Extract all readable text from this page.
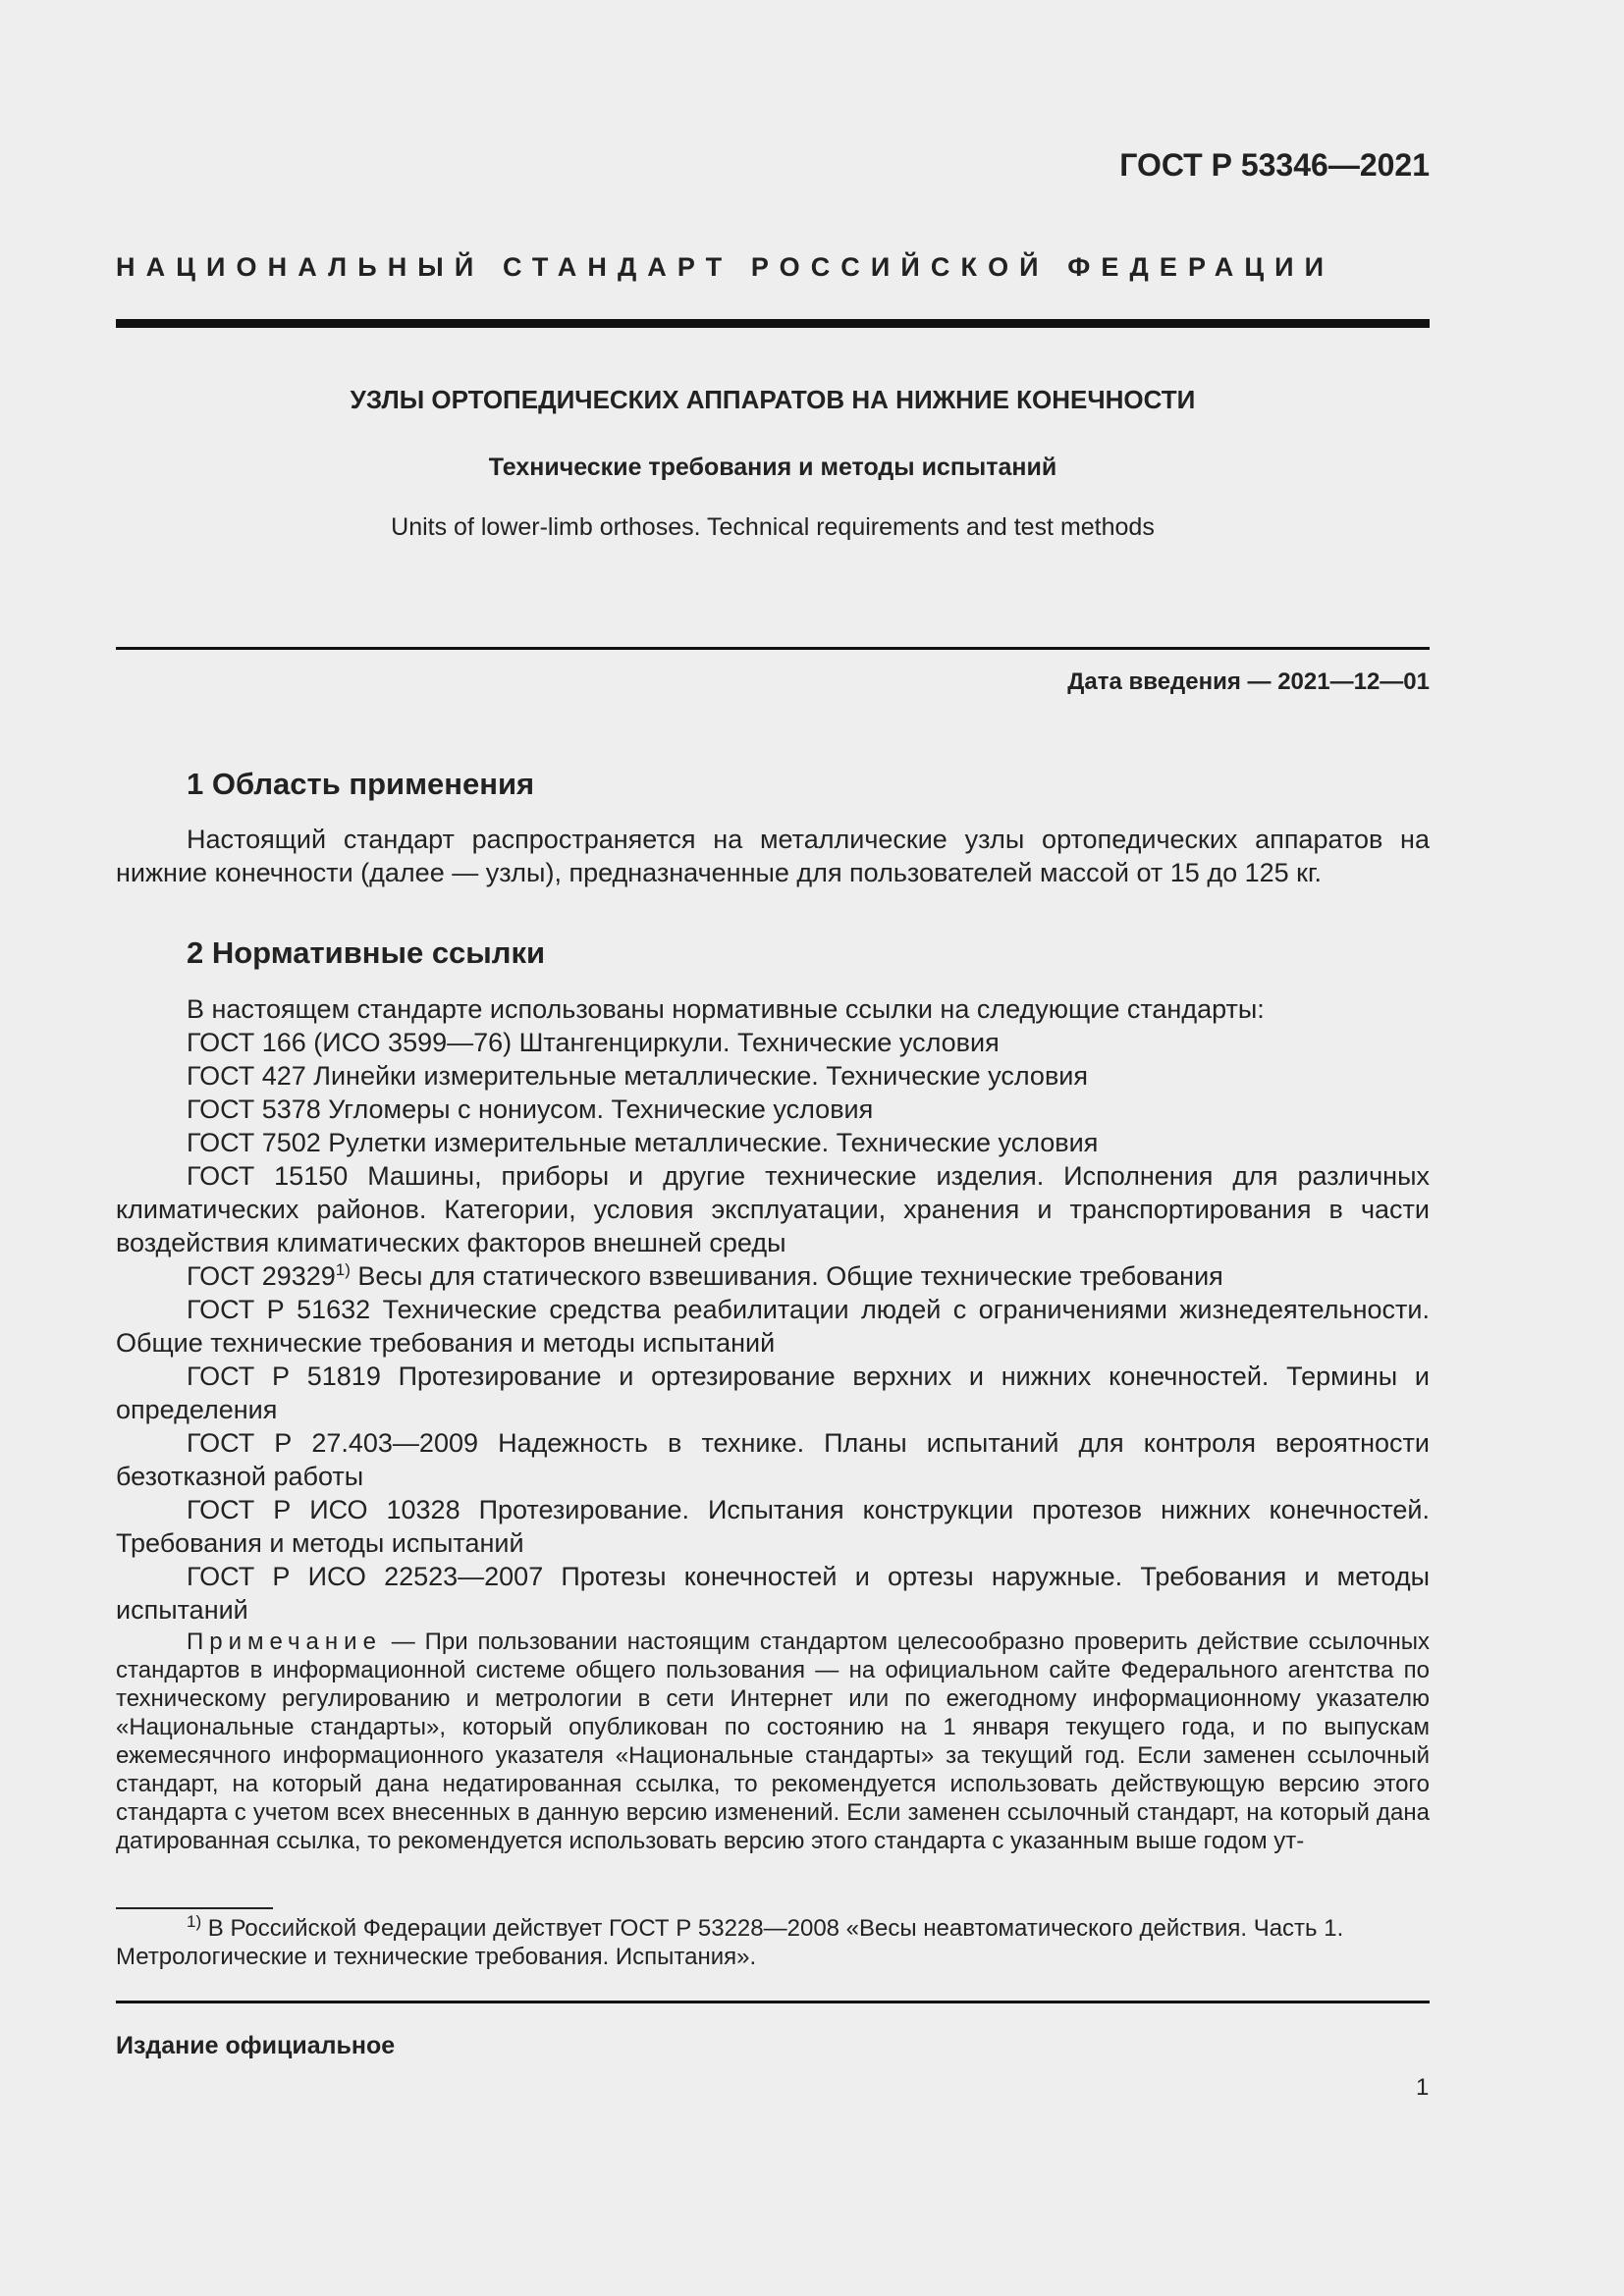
ГОСТ Р 53346—2021
НАЦИОНАЛЬНЫЙ СТАНДАРТ РОССИЙСКОЙ ФЕДЕРАЦИИ
УЗЛЫ ОРТОПЕДИЧЕСКИХ АППАРАТОВ НА НИЖНИЕ КОНЕЧНОСТИ
Технические требования и методы испытаний
Units of lower-limb orthoses. Technical requirements and test methods
Дата введения — 2021—12—01
1 Область применения

Настоящий стандарт распространяется на металлические узлы ортопедических аппаратов на нижние конечности (далее — узлы), предназначенные для пользователей массой от 15 до 125 кг.

2 Нормативные ссылки

В настоящем стандарте использованы нормативные ссылки на следующие стандарты:

ГОСТ 166 (ИСО 3599—76) Штангенциркули. Технические условия

ГОСТ 427 Линейки измерительные металлические. Технические условия

ГОСТ 5378 Угломеры с нониусом. Технические условия

ГОСТ 7502 Рулетки измерительные металлические. Технические условия

ГОСТ 15150 Машины, приборы и другие технические изделия. Исполнения для различных климатических районов. Категории, условия эксплуатации, хранения и транспортирования в части воздействия климатических факторов внешней среды

ГОСТ 29329$^{1)}$ Весы для статического взвешивания. Общие технические требования

ГОСТ Р 51632 Технические средства реабилитации людей с ограничениями жизнедеятельности. Общие технические требования и методы испытаний

ГОСТ Р 51819 Протезирование и ортезирование верхних и нижних конечностей. Термины и определения

ГОСТ Р 27.403—2009 Надежность в технике. Планы испытаний для контроля вероятности безотказной работы

ГОСТ Р ИСО 10328 Протезирование. Испытания конструкции протезов нижних конечностей. Требования и методы испытаний

ГОСТ Р ИСО 22523—2007 Протезы конечностей и ортезы наружные. Требования и методы испытаний

Примечание — При пользовании настоящим стандартом целесообразно проверить действие ссылочных стандартов в информационной системе общего пользования — на официальном сайте Федерального агентства по техническому регулированию и метрологии в сети Интернет или по ежегодному информационному указателю «Национальные стандарты», который опубликован по состоянию на 1 января текущего года, и по выпускам ежемесячного информационного указателя «Национальные стандарты» за текущий год. Если заменен ссылочный стандарт, на который дана недатированная ссылка, то рекомендуется использовать действующую версию этого стандарта с учетом всех внесенных в данную версию изменений. Если заменен ссылочный стандарт, на который дана датированная ссылка, то рекомендуется использовать версию этого стандарта с указанным выше годом ут-

$^{1)}$ В Российской Федерации действует ГОСТ Р 53228—2008 «Весы неавтоматического действия. Часть 1. Метрологические и технические требования. Испытания».

Издание официальное
1
